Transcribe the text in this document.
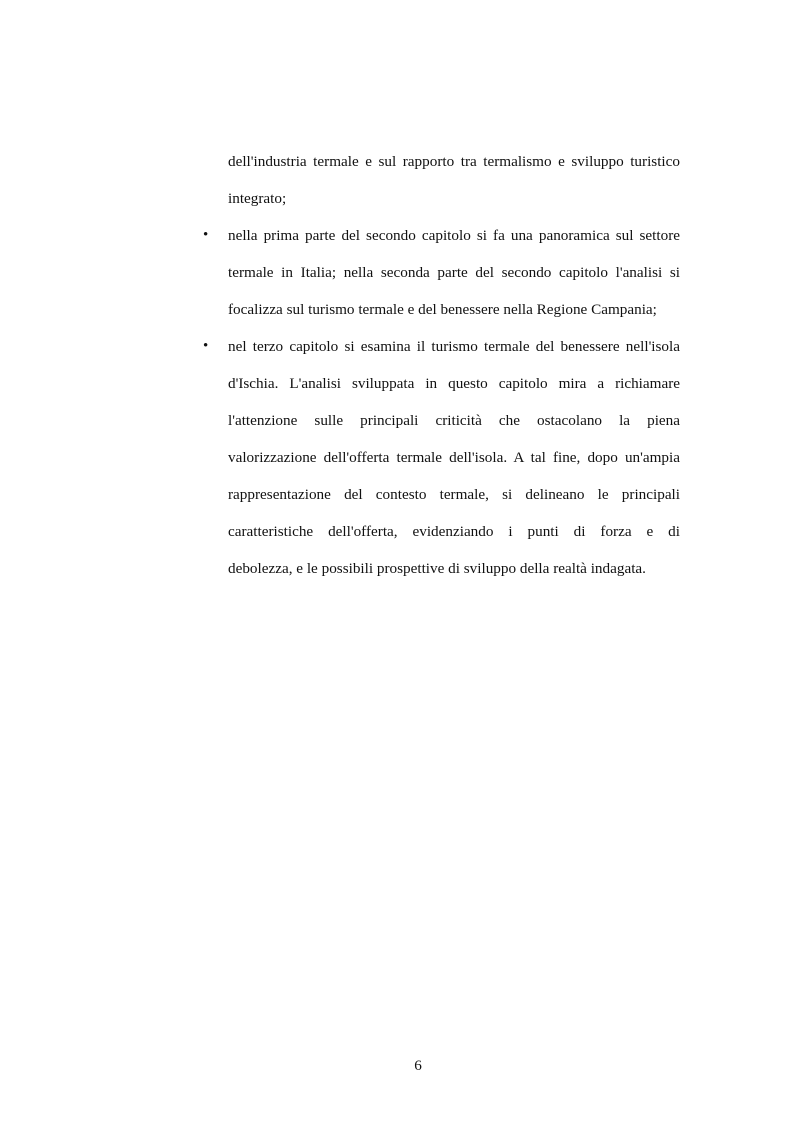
dell'industria termale e sul rapporto tra termalismo e sviluppo turistico
integrato;
•	nella prima parte del secondo capitolo si fa una panoramica sul settore
termale in Italia; nella seconda parte del secondo capitolo l'analisi si
focalizza sul turismo termale e del benessere nella Regione Campania;
•	nel terzo capitolo si esamina il turismo termale del benessere nell'isola
d'Ischia. L'analisi sviluppata in questo capitolo mira a richiamare
l'attenzione sulle principali criticità che ostacolano la piena
valorizzazione dell'offerta termale dell'isola. A tal fine, dopo un'ampia
rappresentazione del contesto termale, si delineano le principali
caratteristiche dell'offerta, evidenziando i punti di forza e di
debolezza, e le possibili prospettive di sviluppo della realtà indagata.
6
